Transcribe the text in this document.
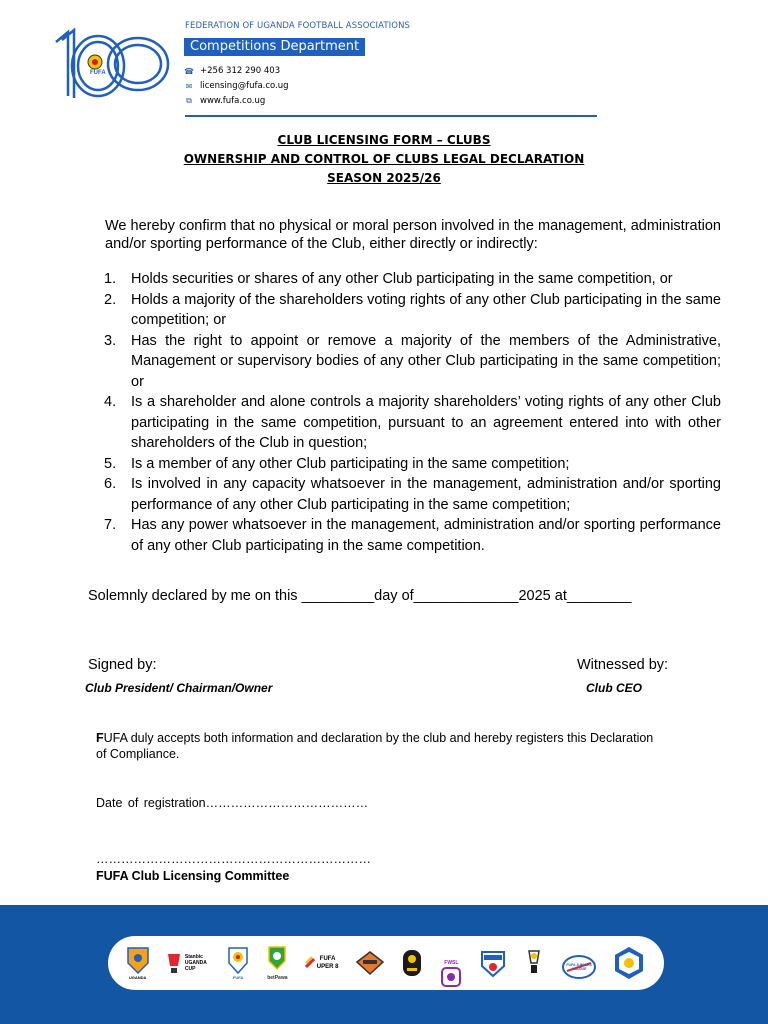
FUFA
FEDERATION OF UGANDA FOOTBALL ASSOCIATIONS
Competitions Department
☎ +256 312 290 403
✉ licensing@fufa.co.ug
⧉ www.fufa.co.ug
CLUB LICENSING FORM – CLUBS
OWNERSHIP AND CONTROL OF CLUBS LEGAL DECLARATION
SEASON 2025/26
We hereby confirm that no physical or moral person involved in the management, administration and/or sporting performance of the Club, either directly or indirectly:
1. Holds securities or shares of any other Club participating in the same competition, or
2. Holds a majority of the shareholders voting rights of any other Club participating in the same competition; or
3. Has the right to appoint or remove a majority of the members of the Administrative, Management or supervisory bodies of any other Club participating in the same competition; or
4. Is a shareholder and alone controls a majority shareholders’ voting rights of any other Club participating in the same competition, pursuant to an agreement entered into with other shareholders of the Club in question;
5. Is a member of any other Club participating in the same competition;
6. Is involved in any capacity whatsoever in the management, administration and/or sporting performance of any other Club participating in the same competition;
7. Has any power whatsoever in the management, administration and/or sporting performance of any other Club participating in the same competition.
Solemnly declared by me on this _________day of_____________2025 at________
Signed by:	Witnessed by:
Club President/ Chairman/Owner	Club CEO
FUFA duly accepts both information and declaration by the club and hereby registers this Declaration of Compliance.
Date of registration…………………………………
…………………………………………………………
FUFA Club Licensing Committee
UGANDA
Stanbic UGANDA CUP
FUFA	betPawa
FUFA UPER 8
FWSL	FUFA JUNIORS LEAGUE
